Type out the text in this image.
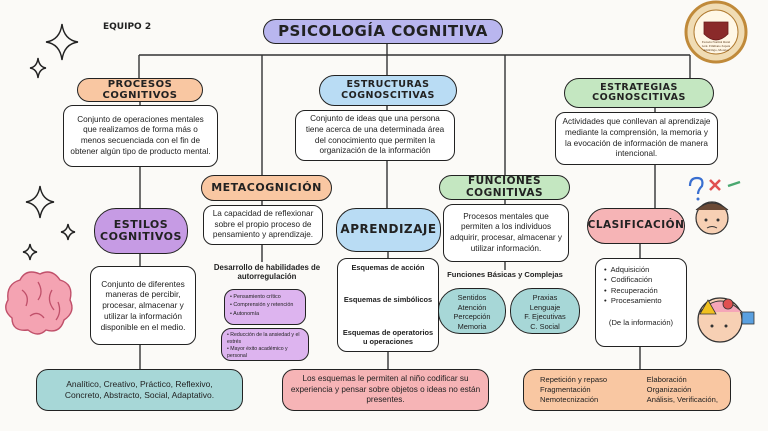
Escuela Normal Rural
Gral. Emiliano Zapata
Amilcingo, Morelos
EQUIPO 2	PSICOLOGÍA COGNITIVA
PROCESOS COGNITIVOS
Conjunto de operaciones mentales que realizamos de forma más o menos secuenciada con el fin de obtener algún tipo de producto mental.
ESTILOS
COGNITIVOS
Conjunto de diferentes maneras de percibir, procesar, almacenar y utilizar la información disponible en el medio.
Analítico, Creativo, Práctico, Reflexivo,
Concreto, Abstracto, Social, Adaptativo.
METACOGNICIÓN
La capacidad de reflexionar sobre el propio proceso de pensamiento y aprendizaje.
Desarrollo de habilidades de autorregulación
• Pensamiento crítico
• Comprensión y retención
• Autonomía
• Reducción de la ansiedad y el estrés
• Mayor éxito académico y personal
ESTRUCTURAS
COGNOSCITIVAS
Conjunto de ideas que una persona tiene acerca de una determinada área del conocimiento que permiten la organización de la información
APRENDIZAJE
Esquemas de acción
Esquemas de simbólicos
Esquemas de operatorios u operaciones
Los esquemas le permiten al niño codificar su experiencia y pensar sobre objetos o ideas no están presentes.
FUNCIONES COGNITIVAS
Procesos mentales que permiten a los individuos adquirir, procesar, almacenar y utilizar información.
Funciones Básicas y Complejas
Sentidos
Atención
Percepción
Memoria
Praxias
Lenguaje
F. Ejecutivas
C. Social
ESTRATEGIAS
COGNOSCITIVAS
Actividades que conllevan al aprendizaje mediante la comprensión, la memoria y la evocación de información de manera intencional.
CLASIFICACIÓN
•  Adquisición
•  Codificación
•  Recuperación
•  Procesamiento
(De la información)
Repetición y repaso
Fragmentación
Nemotecnización
Elaboración
Organización
Análisis, Verificación,
